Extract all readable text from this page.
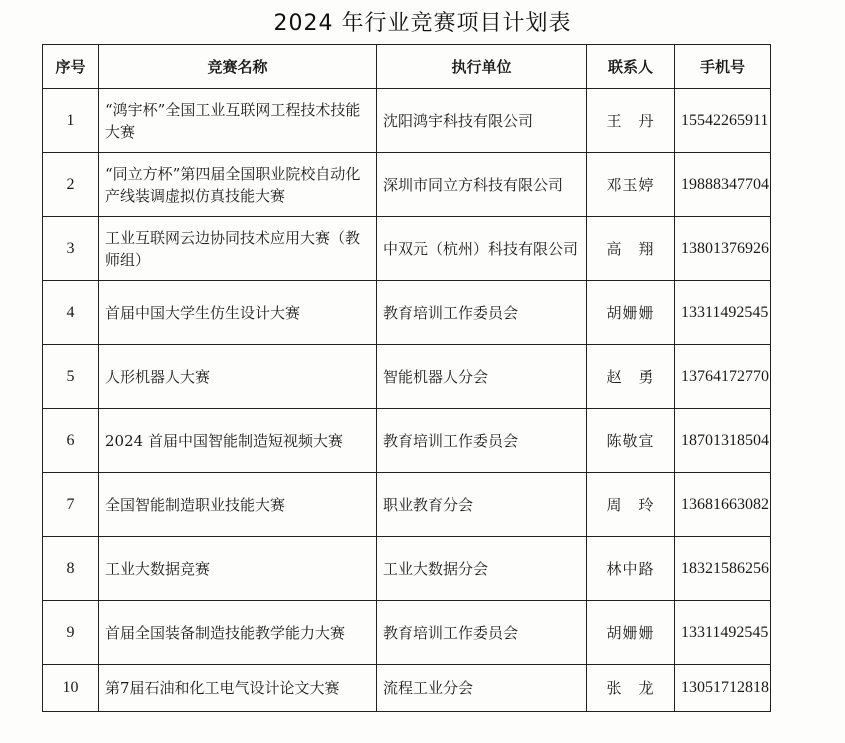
2024 年行业竞赛项目计划表
序号	竞赛名称	执行单位	联系人	手机号
1	“鸿宇杯”全国工业互联网工程技术技能大赛	沈阳鸿宇科技有限公司	王　丹	15542265911
2	“同立方杯”第四届全国职业院校自动化产线装调虚拟仿真技能大赛	深圳市同立方科技有限公司	邓玉婷	19888347704
3	工业互联网云边协同技术应用大赛（教师组）	中双元（杭州）科技有限公司	高　翔	13801376926
4	首届中国大学生仿生设计大赛	教育培训工作委员会	胡姗姗	13311492545
5	人形机器人大赛	智能机器人分会	赵　勇	13764172770
6	2024 首届中国智能制造短视频大赛	教育培训工作委员会	陈敬宣	18701318504
7	全国智能制造职业技能大赛	职业教育分会	周　玲	13681663082
8	工业大数据竞赛	工业大数据分会	林中路	18321586256
9	首届全国装备制造技能教学能力大赛	教育培训工作委员会	胡姗姗	13311492545
10	第7届石油和化工电气设计论文大赛	流程工业分会	张　龙	13051712818
